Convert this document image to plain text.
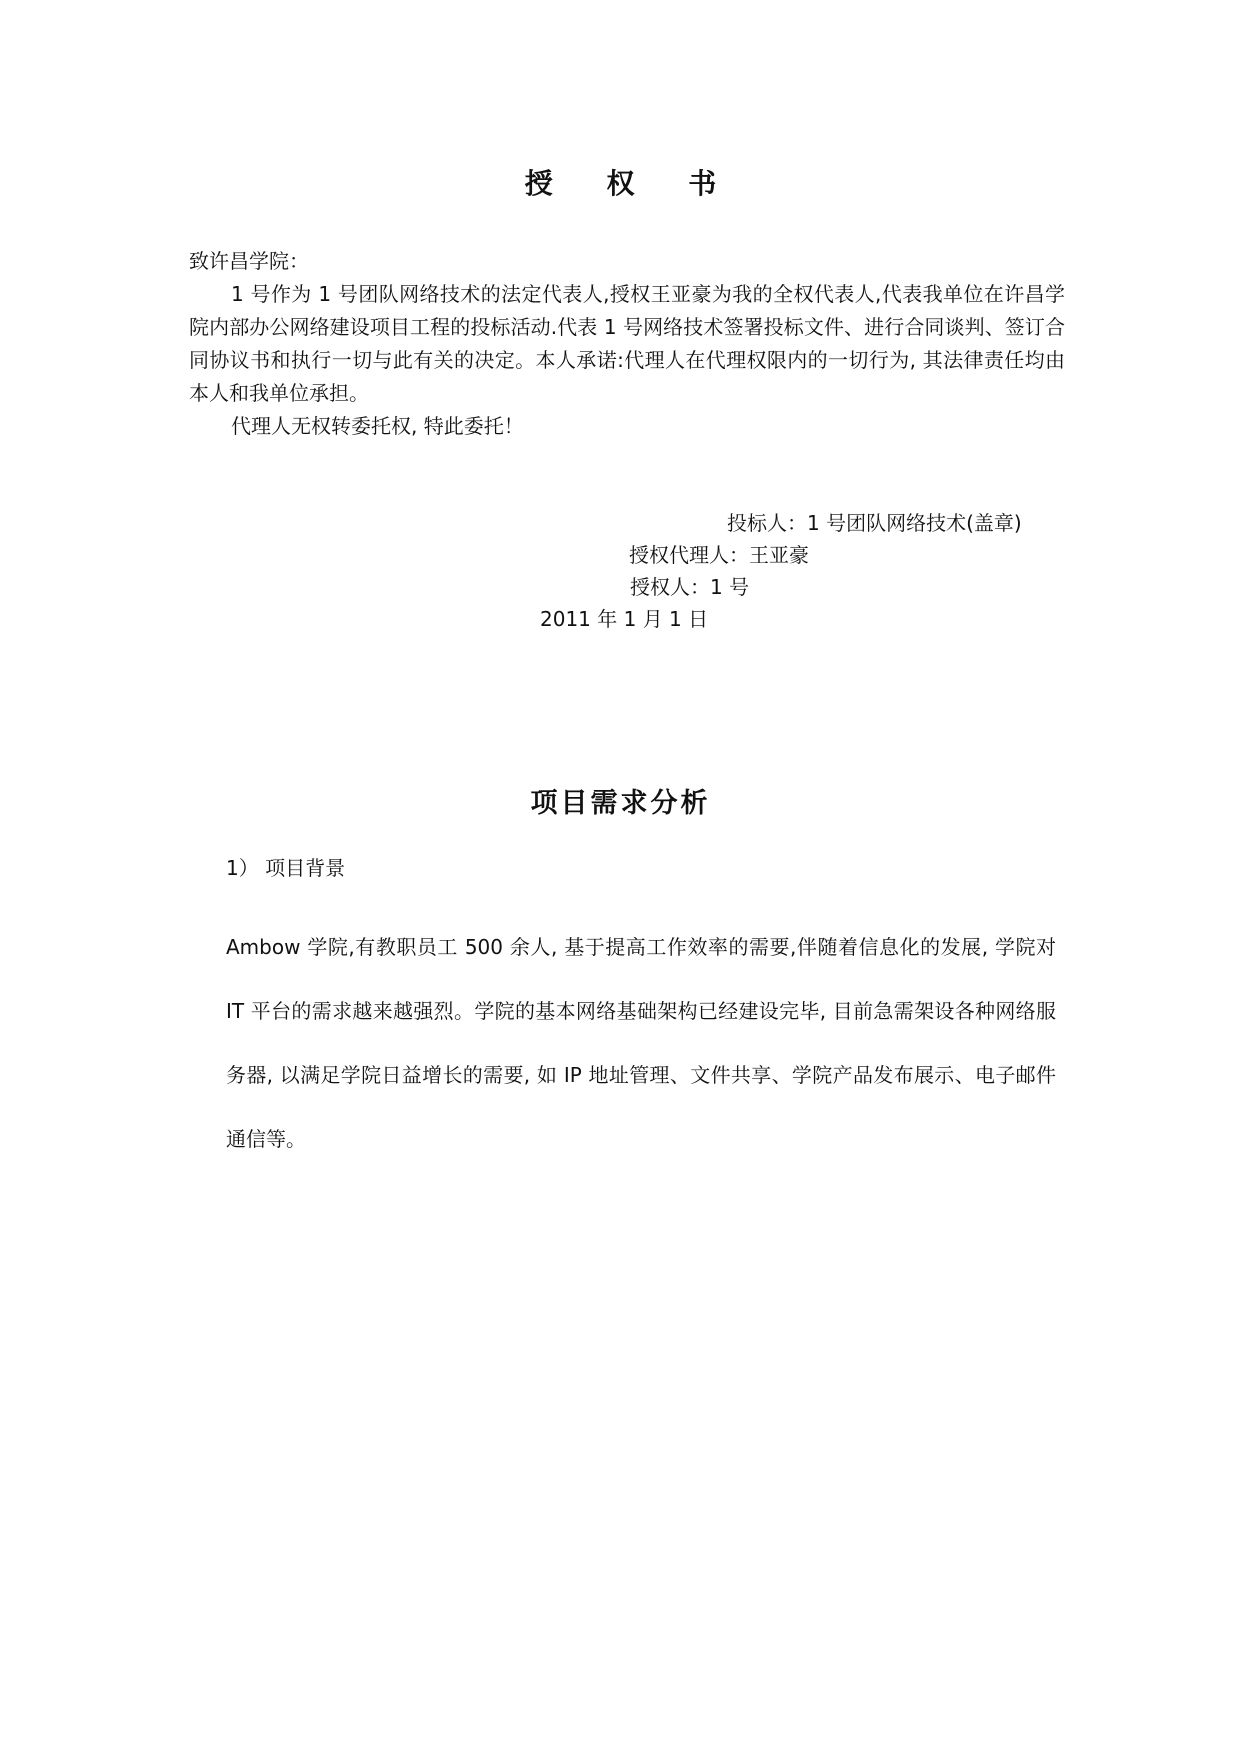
授 权 书

致许昌学院：

1 号作为 1 号团队网络技术的法定代表人,授权王亚豪为我的全权代表人,代表我单位在许昌学院内部办公网络建设项目工程的投标活动.代表 1 号网络技术签署投标文件、进行合同谈判、签订合同协议书和执行一切与此有关的决定。本人承诺:代理人在代理权限内的一切行为, 其法律责任均由本人和我单位承担。

代理人无权转委托权, 特此委托！

投标人：1 号团队网络技术(盖章)
授权代理人：王亚豪
授权人：1 号
2011 年 1 月 1 日
项目需求分析
1） 项目背景

Ambow 学院,有教职员工 500 余人, 基于提高工作效率的需要,伴随着信息化的发展, 学院对 IT 平台的需求越来越强烈。学院的基本网络基础架构已经建设完毕, 目前急需架设各种网络服务器, 以满足学院日益增长的需要, 如 IP 地址管理、文件共享、学院产品发布展示、电子邮件通信等。
